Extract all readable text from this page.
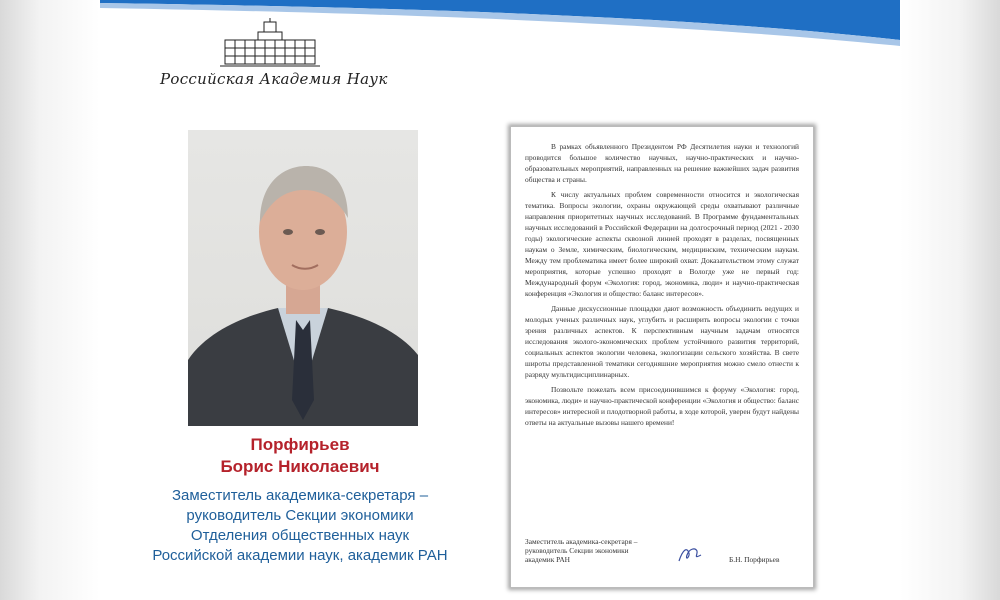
Российская Академия Наук
Порфирьев
Борис Николаевич
Заместитель академика-секретаря –
руководитель Секции экономики
Отделения общественных наук
Российской академии наук, академик РАН

В рамках объявленного Президентом РФ Десятилетия науки и технологий проводится большое количество научных, научно-практических и научно-образовательных мероприятий, направленных на решение важнейших задач развития общества и страны.

К числу актуальных проблем современности относится и экологическая тематика. Вопросы экологии, охраны окружающей среды охватывают различные направления приоритетных научных исследований. В Программе фундаментальных научных исследований в Российской Федерации на долгосрочный период (2021 - 2030 годы) экологические аспекты сквозной линией проходят в разделах, посвященных наукам о Земле, химическим, биологическим, медицинским, техническим наукам. Между тем проблематика имеет более широкий охват. Доказательством этому служат мероприятия, которые успешно проходят в Вологде уже не первый год: Международный форум «Экология: город, экономика, люди» и научно-практическая конференция «Экология и общество: баланс интересов».

Данные дискуссионные площадки дают возможность объединить ведущих и молодых ученых различных наук, углубить и расширить вопросы экологии с точки зрения различных аспектов. К перспективным научным задачам относятся исследования эколого-экономических проблем устойчивого развития территорий, социальных аспектов экологии человека, экологизации сельского хозяйства. В свете широты представленной тематики сегодняшние мероприятия можно смело отнести к разряду мультидисциплинарных.

Позвольте пожелать всем присоединившимся к форуму «Экология: город, экономика, люди» и научно-практической конференции «Экология и общество: баланс интересов» интересной и плодотворной работы, в ходе которой, уверен будут найдены ответы на актуальные вызовы нашего времени!

Заместитель академика-секретаря –
руководитель Секции экономики
академик РАН	Б.Н. Порфирьев
